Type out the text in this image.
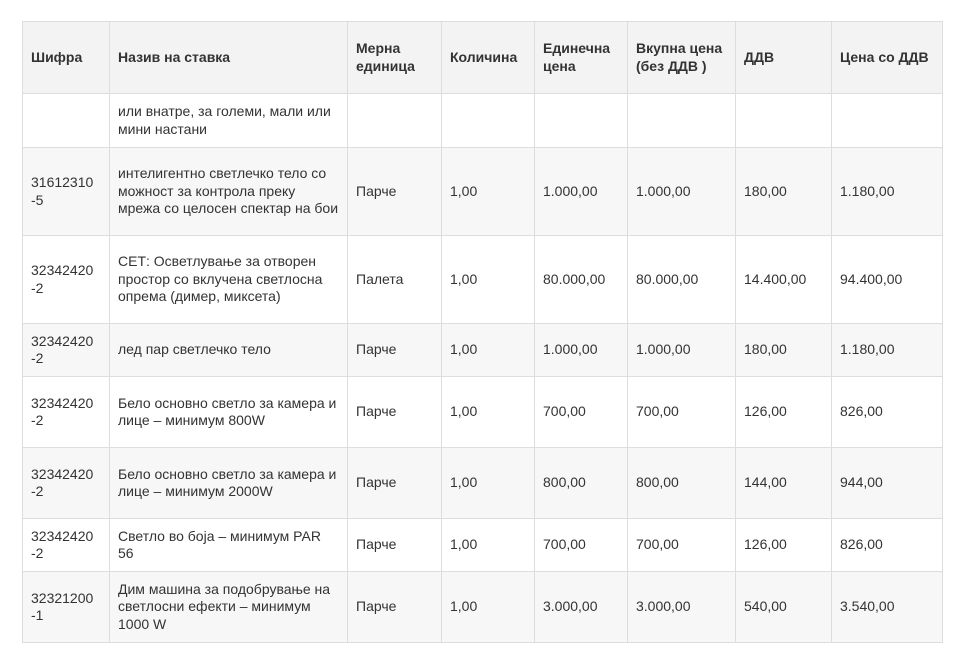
Шифра	Назив на ставка	Мерна единица	Количина	Единечна цена	Вкупна цена (без ДДВ )	ДДВ	Цена со ДДВ
	или внатре, за големи, мали или мини настани						
31612310 -5	интелигентно светлечко тело со можност за контрола преку мрежа со целосен спектар на бои	Парче	1,00	1.000,00	1.000,00	180,00	1.180,00
32342420 -2	СЕТ: Осветлување за отворен простор со вклучена светлосна опрема (димер, миксета)	Палета	1,00	80.000,00	80.000,00	14.400,00	94.400,00
32342420 -2	лед пар светлечко тело	Парче	1,00	1.000,00	1.000,00	180,00	1.180,00
32342420 -2	Бело основно светло за камера и лице – минимум 800W	Парче	1,00	700,00	700,00	126,00	826,00
32342420 -2	Бело основно светло за камера и лице – минимум 2000W	Парче	1,00	800,00	800,00	144,00	944,00
32342420 -2	Светло во боја – минимум PAR 56	Парче	1,00	700,00	700,00	126,00	826,00
32321200 -1	Дим машина за подобрување на светлосни ефекти – минимум 1000 W	Парче	1,00	3.000,00	3.000,00	540,00	3.540,00
